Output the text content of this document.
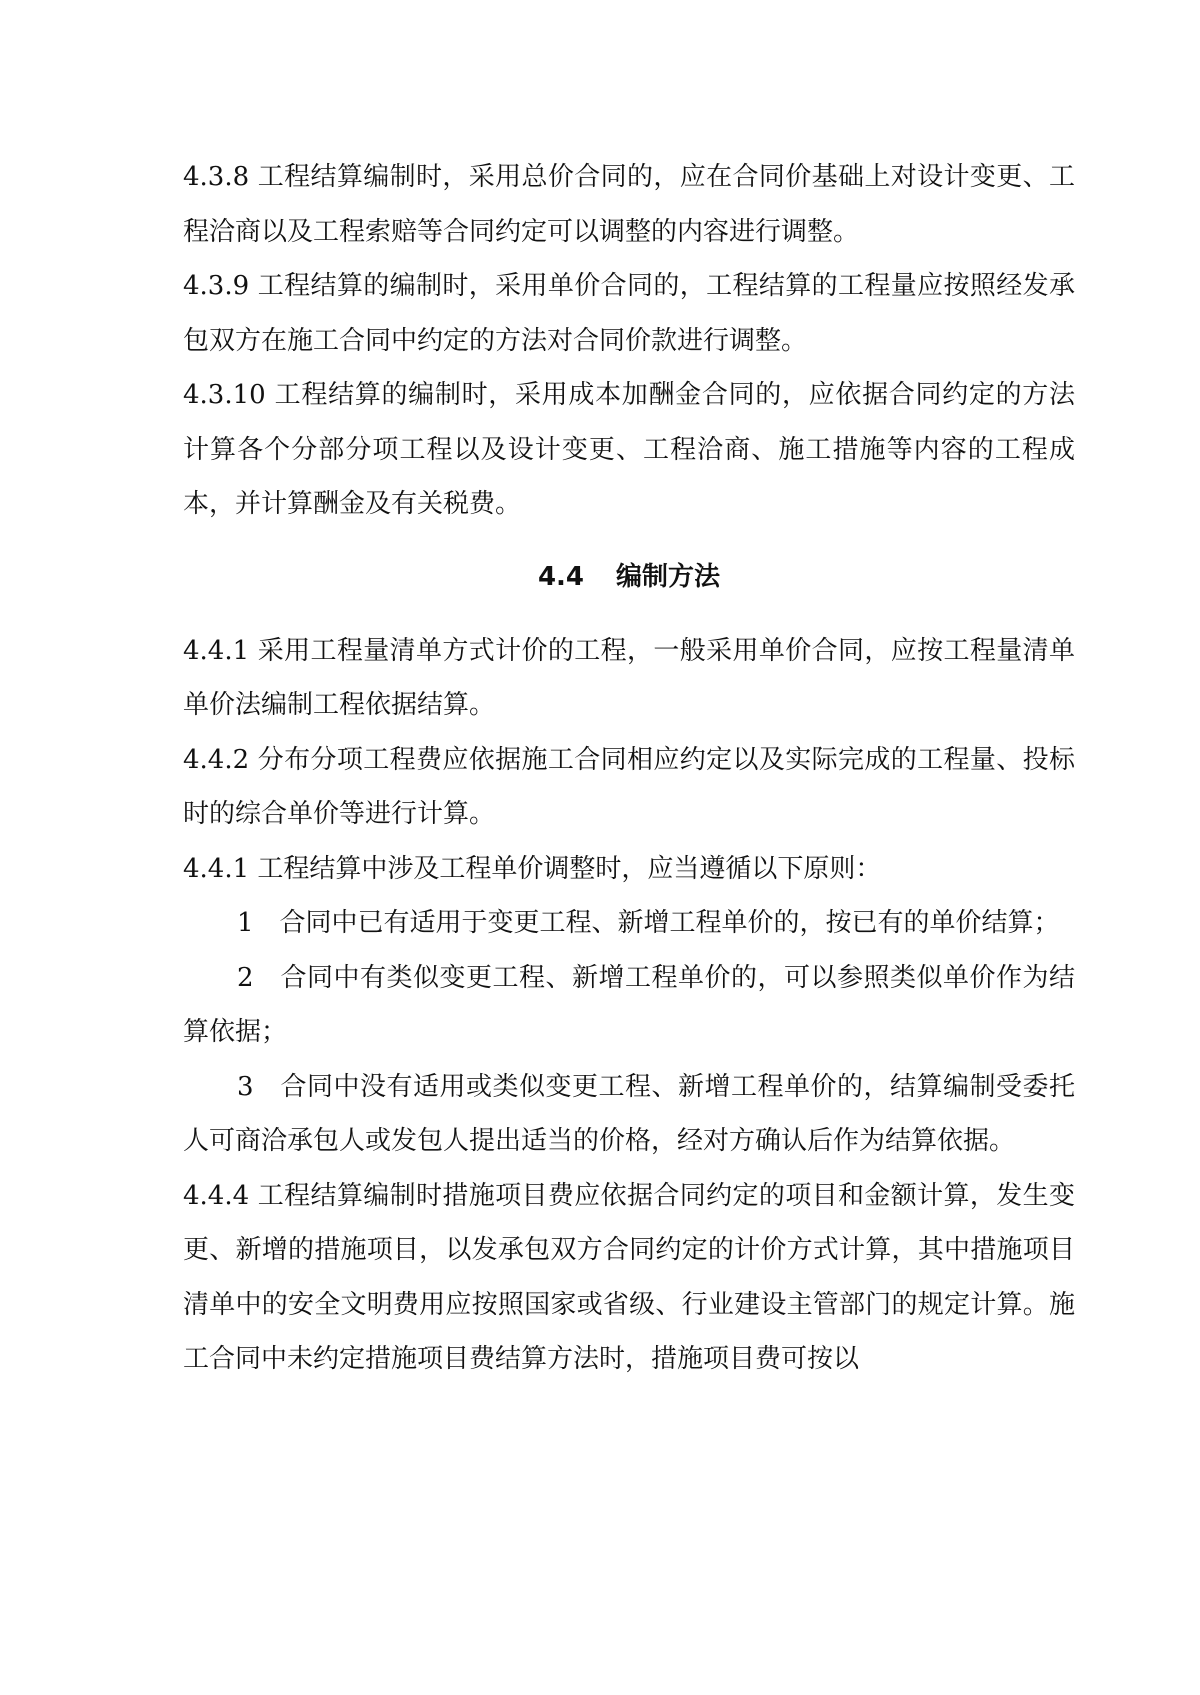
4.3.8 工程结算编制时，采用总价合同的，应在合同价基础上对设计变更、工程洽商以及工程索赔等合同约定可以调整的内容进行调整。

4.3.9 工程结算的编制时，采用单价合同的，工程结算的工程量应按照经发承包双方在施工合同中约定的方法对合同价款进行调整。

4.3.10 工程结算的编制时，采用成本加酬金合同的，应依据合同约定的方法计算各个分部分项工程以及设计变更、工程洽商、施工措施等内容的工程成本，并计算酬金及有关税费。

4.4 编制方法

4.4.1 采用工程量清单方式计价的工程，一般采用单价合同，应按工程量清单单价法编制工程依据结算。

4.4.2 分布分项工程费应依据施工合同相应约定以及实际完成的工程量、投标时的综合单价等进行计算。

4.4.1 工程结算中涉及工程单价调整时，应当遵循以下原则：

1　合同中已有适用于变更工程、新增工程单价的，按已有的单价结算；

2　合同中有类似变更工程、新增工程单价的，可以参照类似单价作为结算依据；

3　合同中没有适用或类似变更工程、新增工程单价的，结算编制受委托人可商洽承包人或发包人提出适当的价格，经对方确认后作为结算依据。

4.4.4 工程结算编制时措施项目费应依据合同约定的项目和金额计算，发生变更、新增的措施项目，以发承包双方合同约定的计价方式计算，其中措施项目清单中的安全文明费用应按照国家或省级、行业建设主管部门的规定计算。施工合同中未约定措施项目费结算方法时，措施项目费可按以
